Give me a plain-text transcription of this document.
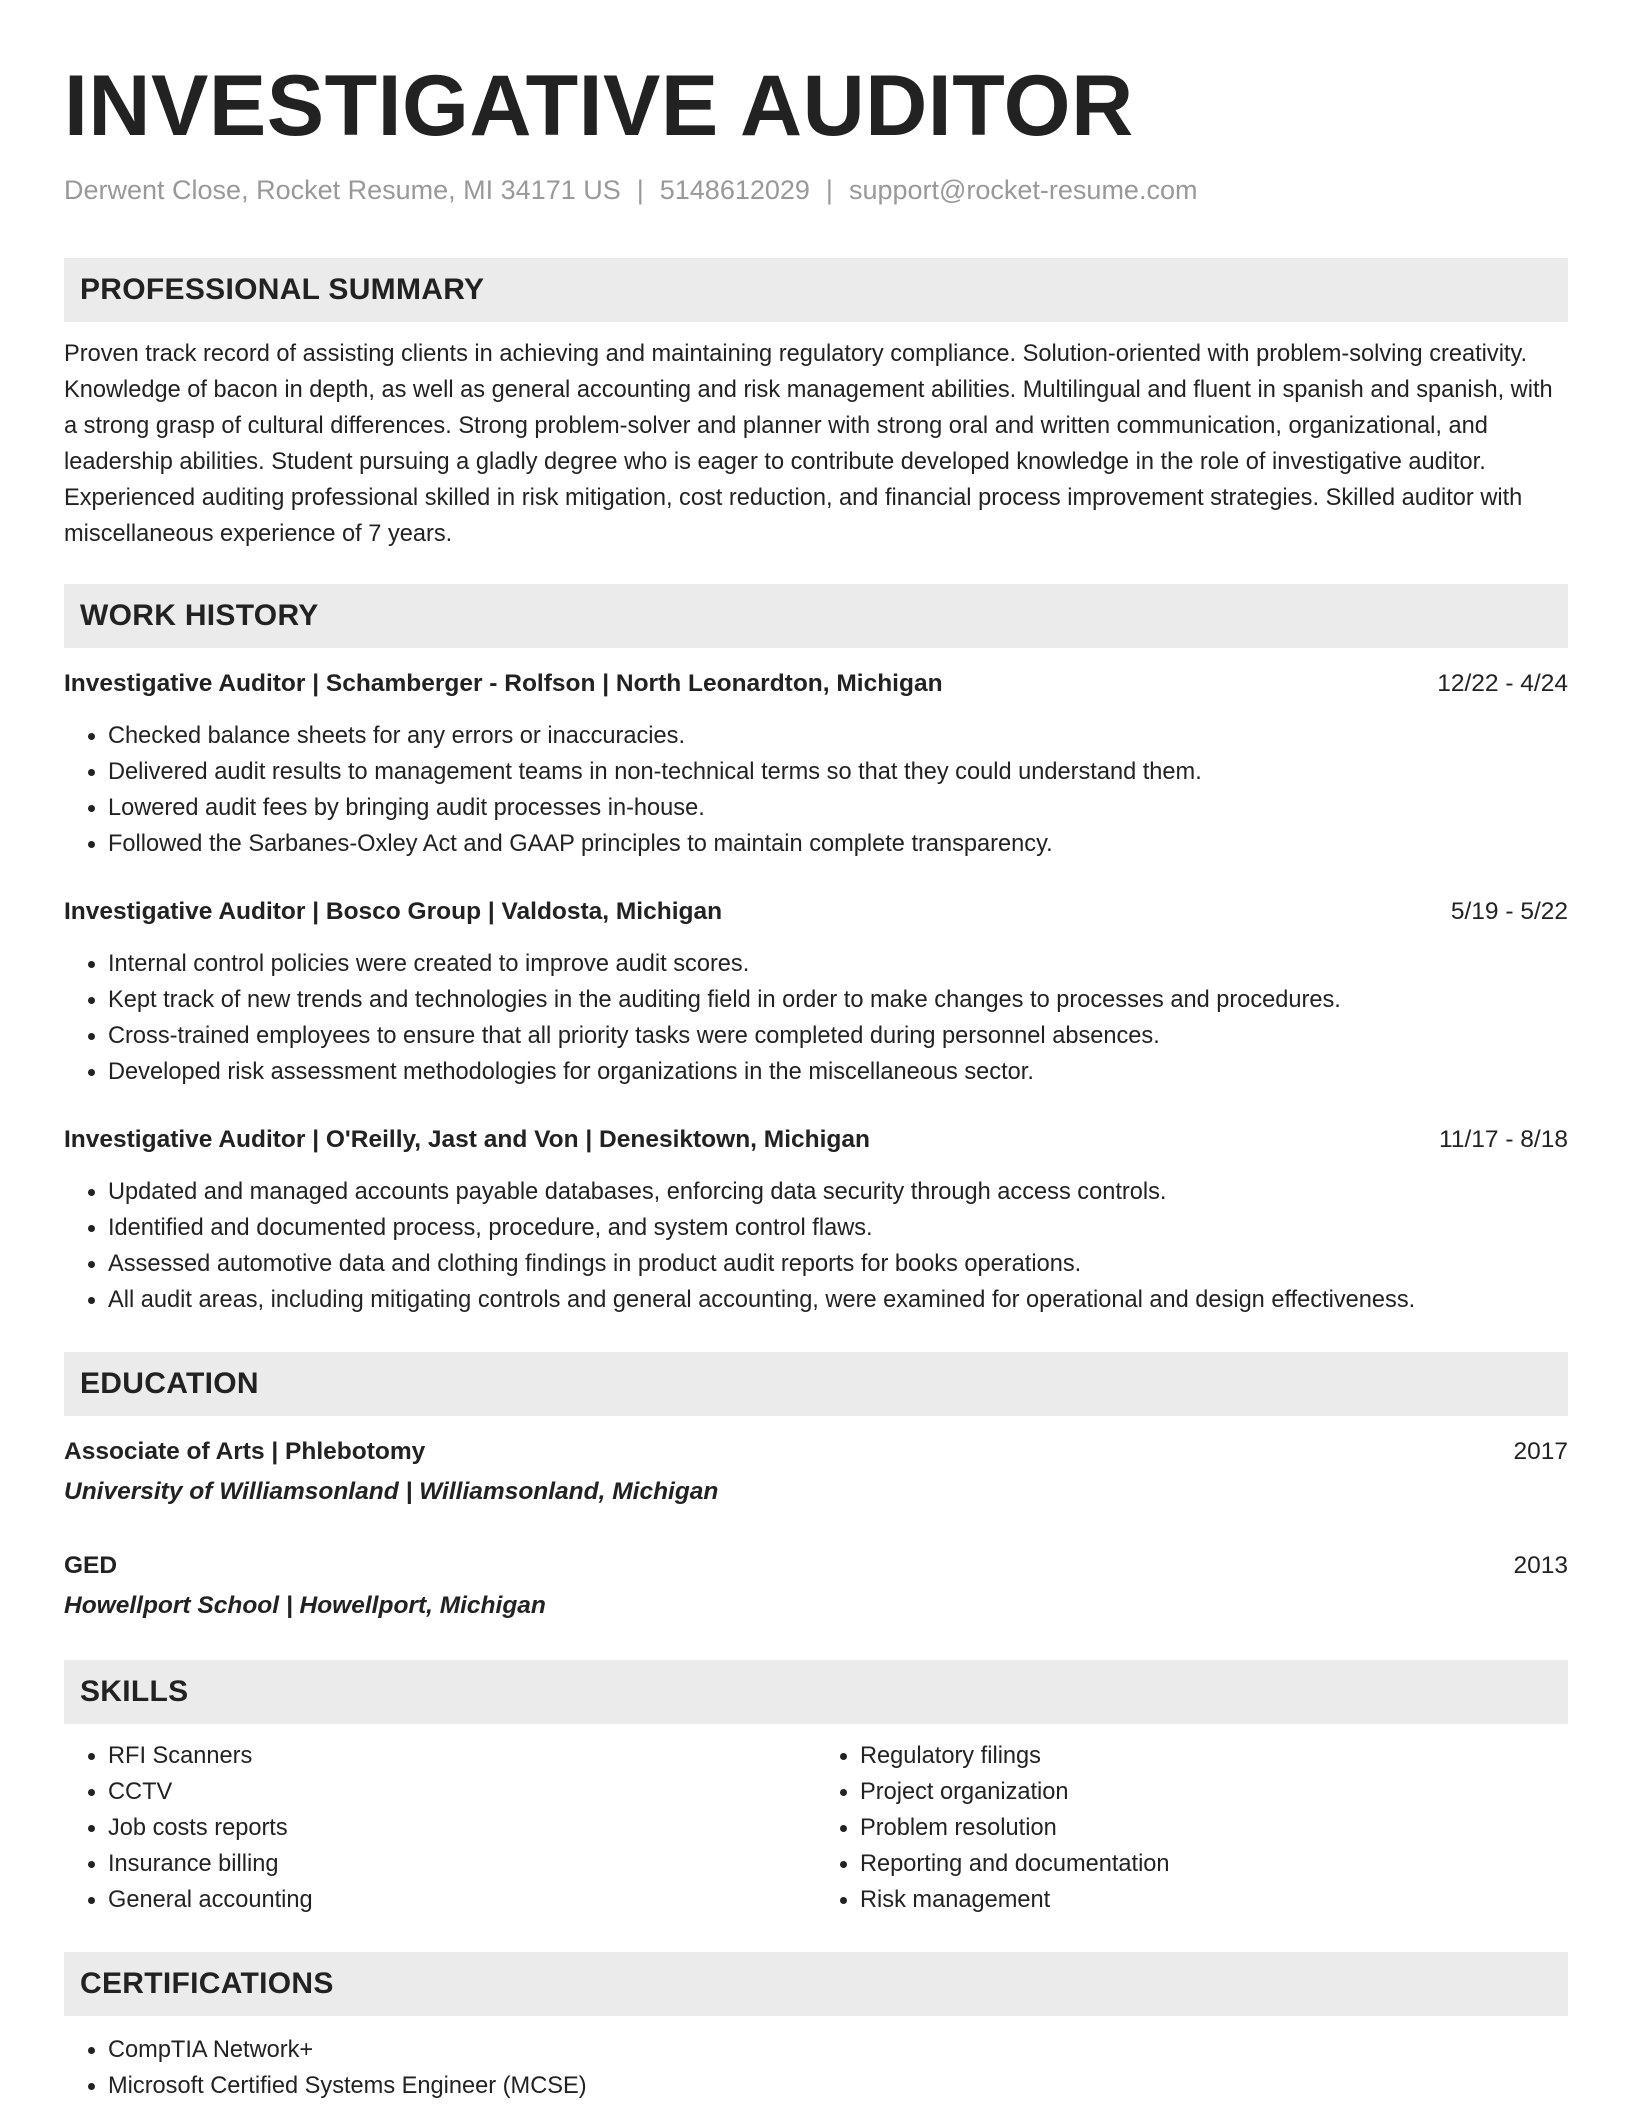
INVESTIGATIVE AUDITOR
Derwent Close, Rocket Resume, MI 34171 US | 5148612029 | support@rocket-resume.com
PROFESSIONAL SUMMARY
Proven track record of assisting clients in achieving and maintaining regulatory compliance. Solution-oriented with problem-solving creativity. Knowledge of bacon in depth, as well as general accounting and risk management abilities. Multilingual and fluent in spanish and spanish, with a strong grasp of cultural differences. Strong problem-solver and planner with strong oral and written communication, organizational, and leadership abilities. Student pursuing a gladly degree who is eager to contribute developed knowledge in the role of investigative auditor. Experienced auditing professional skilled in risk mitigation, cost reduction, and financial process improvement strategies. Skilled auditor with miscellaneous experience of 7 years.
WORK HISTORY
Investigative Auditor | Schamberger - Rolfson | North Leonardton, Michigan	12/22 - 4/24
• Checked balance sheets for any errors or inaccuracies.
• Delivered audit results to management teams in non-technical terms so that they could understand them.
• Lowered audit fees by bringing audit processes in-house.
• Followed the Sarbanes-Oxley Act and GAAP principles to maintain complete transparency.
Investigative Auditor | Bosco Group | Valdosta, Michigan	5/19 - 5/22
• Internal control policies were created to improve audit scores.
• Kept track of new trends and technologies in the auditing field in order to make changes to processes and procedures.
• Cross-trained employees to ensure that all priority tasks were completed during personnel absences.
• Developed risk assessment methodologies for organizations in the miscellaneous sector.
Investigative Auditor | O'Reilly, Jast and Von | Denesiktown, Michigan	11/17 - 8/18
• Updated and managed accounts payable databases, enforcing data security through access controls.
• Identified and documented process, procedure, and system control flaws.
• Assessed automotive data and clothing findings in product audit reports for books operations.
• All audit areas, including mitigating controls and general accounting, were examined for operational and design effectiveness.
EDUCATION
Associate of Arts | Phlebotomy	2017
University of Williamsonland | Williamsonland, Michigan
GED	2013
Howellport School | Howellport, Michigan
SKILLS
• RFI Scanners
• CCTV
• Job costs reports
• Insurance billing
• General accounting
• Regulatory filings
• Project organization
• Problem resolution
• Reporting and documentation
• Risk management
CERTIFICATIONS
• CompTIA Network+
• Microsoft Certified Systems Engineer (MCSE)
